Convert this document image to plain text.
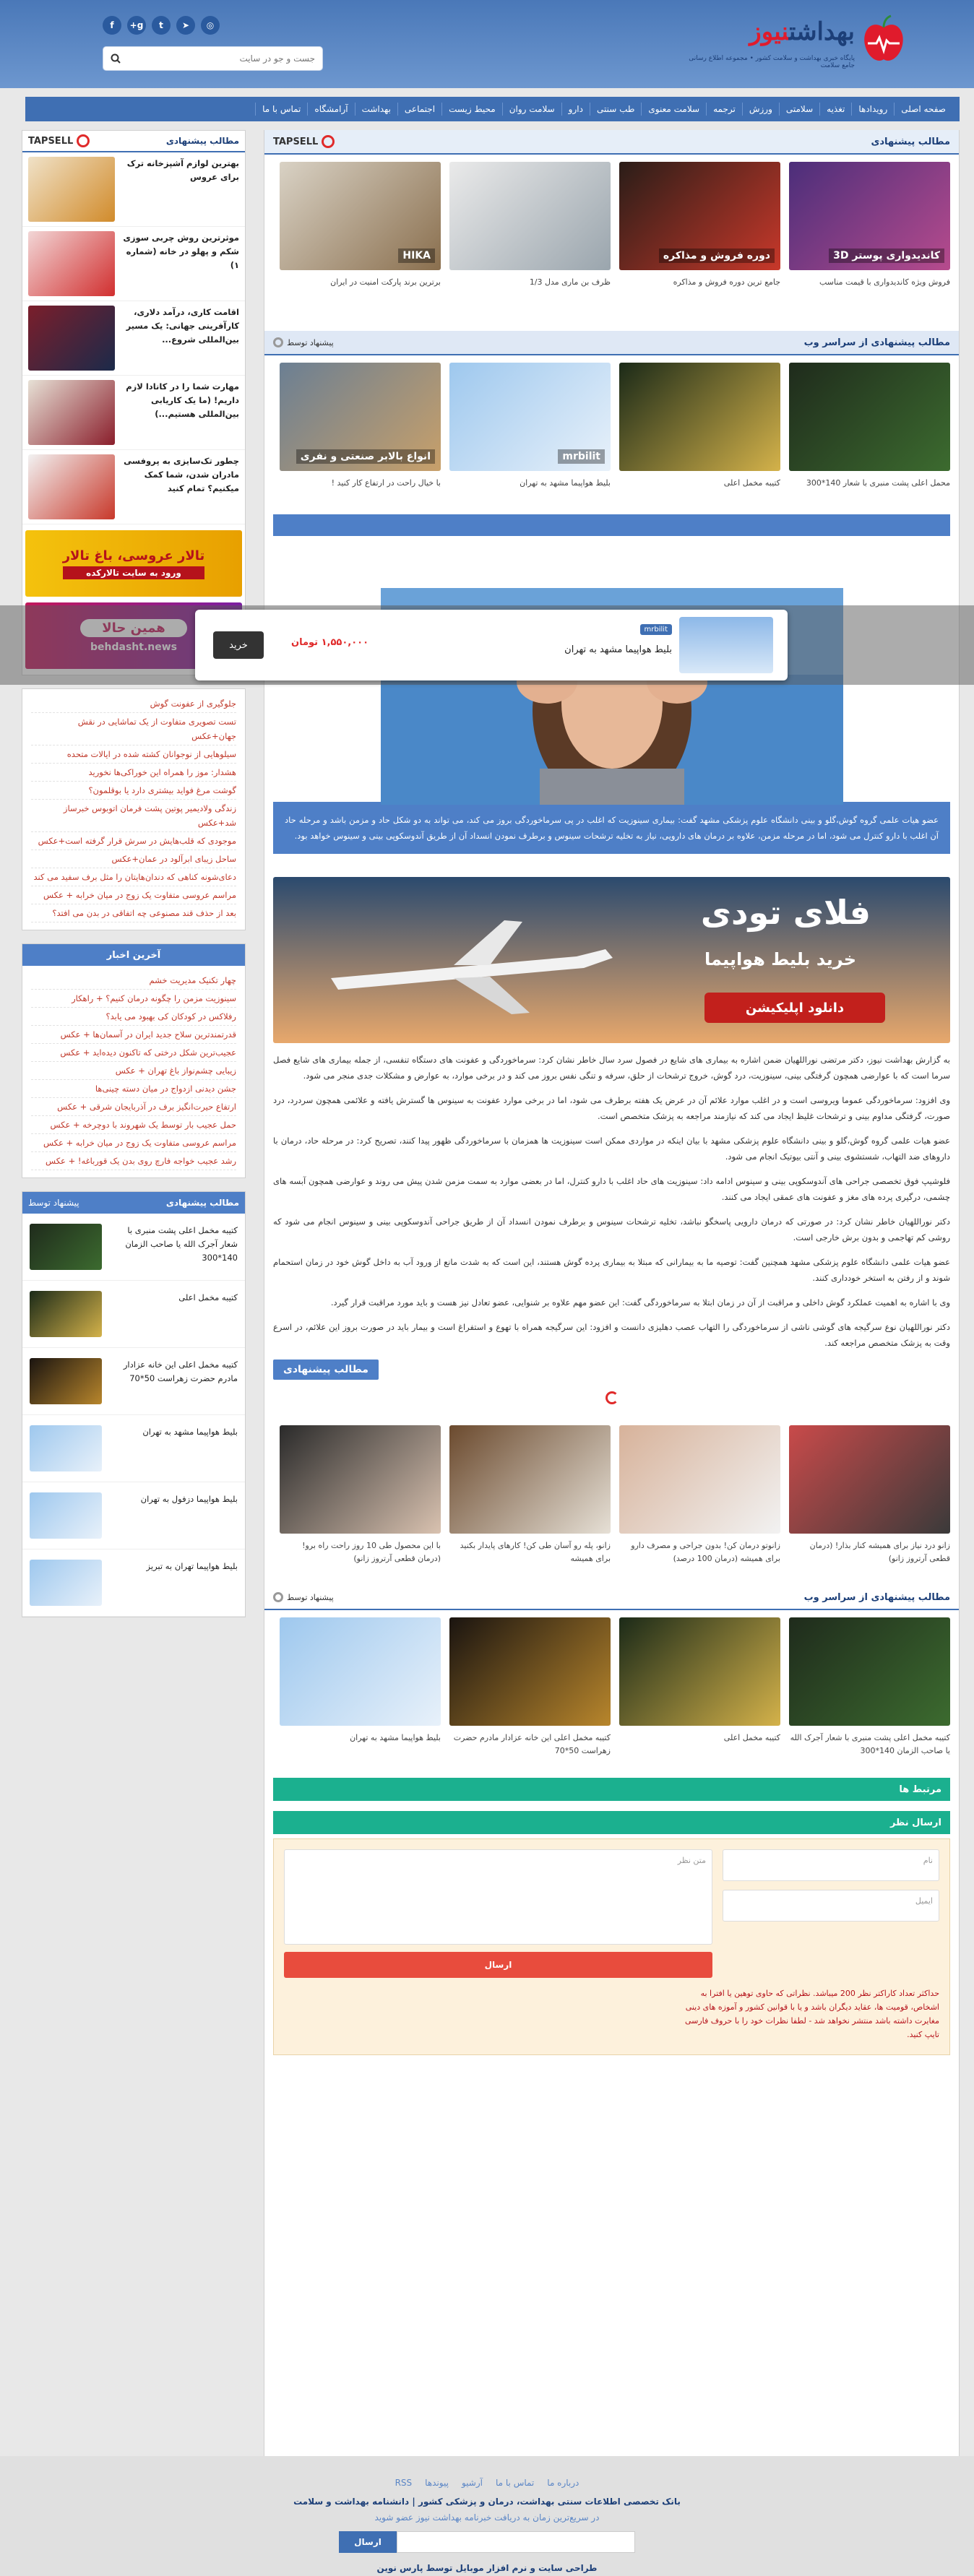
بهداشتنیوز
پایگاه خبری بهداشت و سلامت کشور • مجموعه اطلاع رسانی جامع سلامت
◎
➤
t
g+
f
جست و جو در سایت
صفحه اصلی
رویدادها
تغذیه
سلامتی
ورزش
ترجمه
سلامت معنوی
طب سنتی
دارو
سلامت روان
محیط زیست
اجتماعی
بهداشت
آرامشگاه
تماس با ما
مطالب پیشنهادی
TAPSELL
بهترین لوازم آشپزخانه ترک برای عروس
موثرترین روش چربی سوزی شکم و پهلو در خانه (شماره ۱)
اقامت کاری، درآمد دلاری، کارآفرینی جهانی: یک مسیر بین‌المللی شروع...
مهارت شما را در کانادا لازم داریم! (ما یک کاریابی بین‌المللی هستیم...)
چطور تک‌سایزی به پروفسی مادران شدن، شما کمک میکنیم؟ تمام کنید
تالار عروسی، باغ تالار
ورود به سایت تالارکده
جلوگیری از عفونت گوش
تست تصویری متفاوت از یک تماشایی در نقش جهان+عکس
سیلوهایی از نوجوانان کشته شده در ایالات متحده
هشدار: موز را همراه این خوراکی‌ها نخورید
گوشت مرغ فواید بیشتری دارد یا بوقلمون؟
زندگی ولادیمیر پوتین پشت فرمان اتوبوس خبرساز شد+عکس
موجودی که قلب‌هایش در سرش قرار گرفته است+عکس
ساحل زیبای ابرآلود در عمان+عکس
دعای‌شونه کناهی که دندان‌هایتان را مثل برف سفید می کند
مراسم عروسی متفاوت یک زوج در میان خرابه + عکس
بعد از حذف قند مصنوعی چه اتفاقی در بدن می افتد؟
آخرین اخبار
چهار تکنیک مدیریت خشم
سینوزیت مزمن را چگونه درمان کنیم؟ + راهکار
رفلاکس در کودکان کی بهبود می یابد؟
قدرتمندترین سلاح جدید ایران در آسمان‌ها + عکس
عجیب‌ترین شکل درختی که تاکنون دیده‌اید + عکس
زیبایی چشم‌نواز باغ تهران + عکس
جشن دیدنی ازدواج در میان دسته چینی‌ها
ارتفاع حیرت‌انگیز برف در آذربایجان شرقی + عکس
حمل عجیب بار توسط یک شهروند با دوچرخه + عکس
مراسم عروسی متفاوت یک زوج در میان خرابه + عکس
رشد عجیب خواجه فارچ روی بدن یک قورباغه! + عکس
مطالب پیشنهادی
پیشنهاد توسط
کتیبه مخمل اعلی پشت منبری با شعار آجرک الله یا صاحب الزمان 140*300
کتیبه مخمل اعلی
کتیبه مخمل اعلی این خانه عزادار مادرم حضرت زهراست 50*70
بلیط هواپیما مشهد به تهران
بلیط هواپیما دزفول به تهران
بلیط هواپیما تهران به تبریز
مطالب پیشنهادی
TAPSELL
کاندیدواری پوستر 3D
فروش ویژه کاندیدواری با قیمت مناسب
دوره فروش و مذاکره
جامع ترین دوره فروش و مذاکره
ظرف بن ماری مدل 1/3
HIKA
برترین برند پارکت امنیت در ایران
مطالب پیشنهادی از سراسر وب
پیشنهاد توسط
محمل اعلی پشت منبری با شعار 140*300
کتیبه مخمل اعلی
mrbilit
بلیط هواپیما مشهد به تهران
انواع بالابر صنعتی و نفری
با خیال راحت در ارتفاع کار کنید !
عضو هیات علمی گروه گوش،گلو و بینی دانشگاه علوم پزشکی مشهد گفت: بیماری سینوزیت که اغلب در پی سرماخوردگی بروز می کند، می تواند به دو شکل حاد و مزمن باشد و مرحله حاد آن اغلب با دارو کنترل می شود، اما در مرحله مزمن، علاوه بر درمان های دارویی، نیاز به تخلیه ترشحات سینوس و برطرف نمودن انسداد آن از طریق آندوسکوپی بینی و سینوس خواهد بود.
فلای تودی
خرید بلیط هواپیما
دانلود اپلیکیشن

به گزارش بهداشت نیوز، دکتر مرتضی نوراللهیان ضمن اشاره به بیماری های شایع در فصول سرد سال خاطر نشان کرد: سرماخوردگی و عفونت های دستگاه تنفسی، از جمله بیماری های شایع فصل سرما است که با عوارضی همچون گرفتگی بینی، سینوزیت، درد گوش، خروج ترشحات از حلق، سرفه و تنگی نفس بروز می کند و در برخی موارد، به عوارض و مشکلات جدی منجر می شود.

وی افزود: سرماخوردگی عموما ویروسی است و در اغلب موارد علائم آن در عرض یک هفته برطرف می شود، اما در برخی موارد عفونت به سینوس ها گسترش یافته و علائمی همچون سردرد، درد صورت، گرفتگی مداوم بینی و ترشحات غلیظ ایجاد می کند که نیازمند مراجعه به پزشک متخصص است.

عضو هیات علمی گروه گوش،گلو و بینی دانشگاه علوم پزشکی مشهد با بیان اینکه در مواردی ممکن است سینوزیت ها همزمان با سرماخوردگی ظهور پیدا کنند، تصریح کرد: در مرحله حاد، درمان با داروهای ضد التهاب، شستشوی بینی و آنتی بیوتیک انجام می شود.

فلوشیپ فوق تخصصی جراحی های آندوسکوپی بینی و سینوس ادامه داد: سینوزیت های حاد اغلب با دارو کنترل، اما در بعضی موارد به سمت مزمن شدن پیش می روند و عوارضی همچون آبسه های چشمی، درگیری پرده های مغز و عفونت های عمقی ایجاد می کنند.

دکتر نوراللهیان خاطر نشان کرد: در صورتی که درمان دارویی پاسخگو نباشد، تخلیه ترشحات سینوس و برطرف نمودن انسداد آن از طریق جراحی آندوسکوپی بینی و سینوس انجام می شود که روشی کم تهاجمی و بدون برش خارجی است.

عضو هیات علمی دانشگاه علوم پزشکی مشهد همچنین گفت: توصیه ما به بیمارانی که مبتلا به بیماری پرده گوش هستند، این است که به شدت مانع از ورود آب به داخل گوش خود در زمان استحمام شوند و از رفتن به استخر خودداری کنند.

وی با اشاره به اهمیت عملکرد گوش داخلی و مراقبت از آن در زمان ابتلا به سرماخوردگی گفت: این عضو مهم علاوه بر شنوایی، عضو تعادل نیز هست و باید مورد مراقبت قرار گیرد.

دکتر نوراللهیان نوع سرگیجه های گوشی ناشی از سرماخوردگی را التهاب عصب دهلیزی دانست و افزود: این سرگیجه همراه با تهوع و استفراغ است و بیمار باید در صورت بروز این علائم، در اسرع وقت به پزشک متخصص مراجعه کند.

مطالب پیشنهادی
زانو درد نیاز برای همیشه کنار بذار! (درمان قطعی آرتروز زانو)
زانوتو درمان کن! بدون جراحی و مصرف دارو برای همیشه (درمان 100 درصد)
زانو، پله رو آسان طی کن! کارهای پایدار بکنید برای همیشه
با این محصول طی 10 روز راحت راه برو! (درمان قطعی آرتروز زانو)
مطالب پیشنهادی از سراسر وب
پیشنهاد توسط
کتیبه مخمل اعلی پشت منبری با شعار آجرک الله یا صاحب الزمان 140*300
کتیبه مخمل اعلی
کتیبه مخمل اعلی این خانه عزادار مادرم حضرت زهراست 50*70
بلیط هواپیما مشهد به تهران
مرتبط ها
ارسال نظر
نام
ایمیل
متن نظر
ارسال
حداکثر تعداد کاراکتر نظر 200 میباشد. نظراتی که حاوی توهین یا افترا به اشخاص، قومیت ها، عقاید دیگران باشد و یا با قوانین کشور و آموزه های دینی مغایرت داشته باشد منتشر نخواهد شد - لطفا نظرات خود را با حروف فارسی تایپ کنید.
mrbilit
بلیط هواپیما مشهد به تهران
۱,۵۵۰,۰۰۰ تومان
خرید
درباره ما
تماس با ما
آرشیو
پیوندها
RSS
بانک تخصصی اطلاعات سنتی بهداشت، درمان و پزشکی کشور | دانشنامه بهداشت و سلامت
در سریع‌ترین زمان به دریافت خبرنامه بهداشت نیوز عضو شوید
ارسال
طراحی سایت و نرم افزار موبایل توسط پارس نوین
